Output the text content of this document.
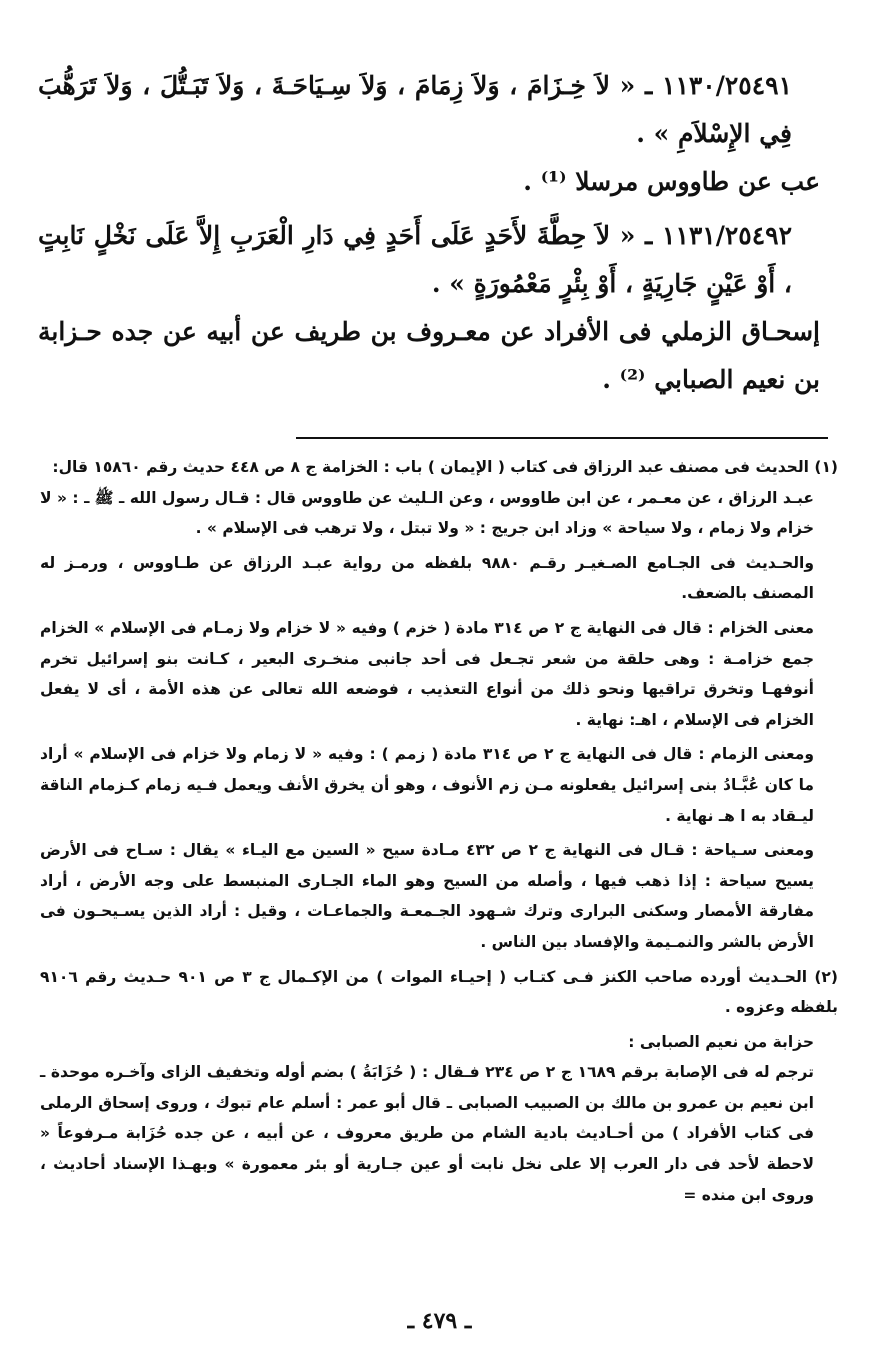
١١٣٠/٢٥٤٩١ ـ « لاَ خِـزَامَ ، وَلاَ زِمَامَ ، وَلاَ سِـيَاحَـةَ ، وَلاَ تَبَـتُّلَ ، وَلاَ تَرَهُّبَ فِي الإِسْلاَمِ » .

عب عن طاووس مرسلا ⁽¹⁾ .

١١٣١/٢٥٤٩٢ ـ « لاَ حِطَّةَ لأَحَدٍ عَلَى أَحَدٍ فِي دَارِ الْعَرَبِ إِلاَّ عَلَى نَخْلٍ نَابِتٍ ، أَوْ عَيْنٍ جَارِيَةٍ ، أَوْ بِئْرٍ مَعْمُورَةٍ » .

إسحـاق الزملي فى الأفراد عن معـروف بن طريف عن أبيه عن جده حـزابة بن نعيم الصبابي ⁽²⁾ .

(١) الحديث فى مصنف عبد الرزاق فى كتاب ( الإيمان ) باب : الخزامة ج ٨ ص ٤٤٨ حديث رقم ١٥٨٦٠ قال:

عبـد الرزاق ، عن معـمر ، عن ابن طاووس ، وعن الـليث عن طاووس قال : قـال رسول الله ـ ﷺ ـ : « لا خزام ولا زمام ، ولا سياحة » وزاد ابن جريج : « ولا تبتل ، ولا ترهب فى الإسلام » .

والحـديث فى الجـامع الصـغيـر رقـم ٩٨٨٠ بلفظه من رواية عبـد الرزاق عن طـاووس ، ورمـز له المصنف بالضعف.

معنى الخزام : قال فى النهاية ج ٢ ص ٣١٤ مادة ( خزم ) وفيه « لا خزام ولا زمـام فى الإسلام » الخزام جمع خزامـة : وهى حلقة من شعر تجـعل فى أحد جانبى منخـرى البعير ، كـانت بنو إسرائيل تخرم أنوفهـا وتخرق تراقيها ونحو ذلك من أنواع التعذيب ، فوضعه الله تعالى عن هذه الأمة ، أى لا يفعل الخزام فى الإسلام ، اهـ: نهاية .

ومعنى الزمام : قال فى النهاية ج ٢ ص ٣١٤ مادة ( زمم ) : وفيه « لا زمام ولا خزام فى الإسلام » أراد ما كان عُبَّـادُ بنى إسرائيل يفعلونه مـن زم الأنوف ، وهو أن يخرق الأنف ويعمل فـيه زمام كـزمام الناقة ليـقاد به ا هـ نهاية .

ومعنى سـياحة : قـال فى النهاية ج ٢ ص ٤٣٢ مـادة سيح « السين مع اليـاء » يقال : سـاح فى الأرض يسيح سياحة : إذا ذهب فيها ، وأصله من السيح وهو الماء الجـارى المنبسط على وجه الأرض ، أراد مفارقة الأمصار وسكنى البرارى وترك شـهود الجـمعـة والجماعـات ، وقيل : أراد الذين يسـيحـون فى الأرض بالشر والنمـيمة والإفساد بين الناس .

(٢) الحـديث أورده صاحب الكنز فـى كتـاب ( إحيـاء الموات ) من الإكـمال ج ٣ ص ٩٠١ حـديث رقم ٩١٠٦ بلفظه وعزوه .

حزابة من نعيم الصبابى :

ترجم له فى الإصابة برقم ١٦٨٩ ج ٢ ص ٢٣٤ فـقال : ( حُزَابَةُ ) بضم أوله وتخفيف الزاى وآخـره موحدة ـ ابن نعيم بن عمرو بن مالك بن الصبيب الصبابى ـ قال أبو عمر : أسلم عام تبوك ، وروى إسحاق الرملى فى كتاب الأفراد ) من أحـاديث بادية الشام من طريق معروف ، عن أبيه ، عن جده حُزَابة مـرفوعاً « لاحطة لأحد فى دار العرب إلا على نخل نابت أو عين جـارية أو بئر معمورة » وبهـذا الإسناد أحاديث ، وروى ابن منده =

ـ ٤٧٩ ـ
